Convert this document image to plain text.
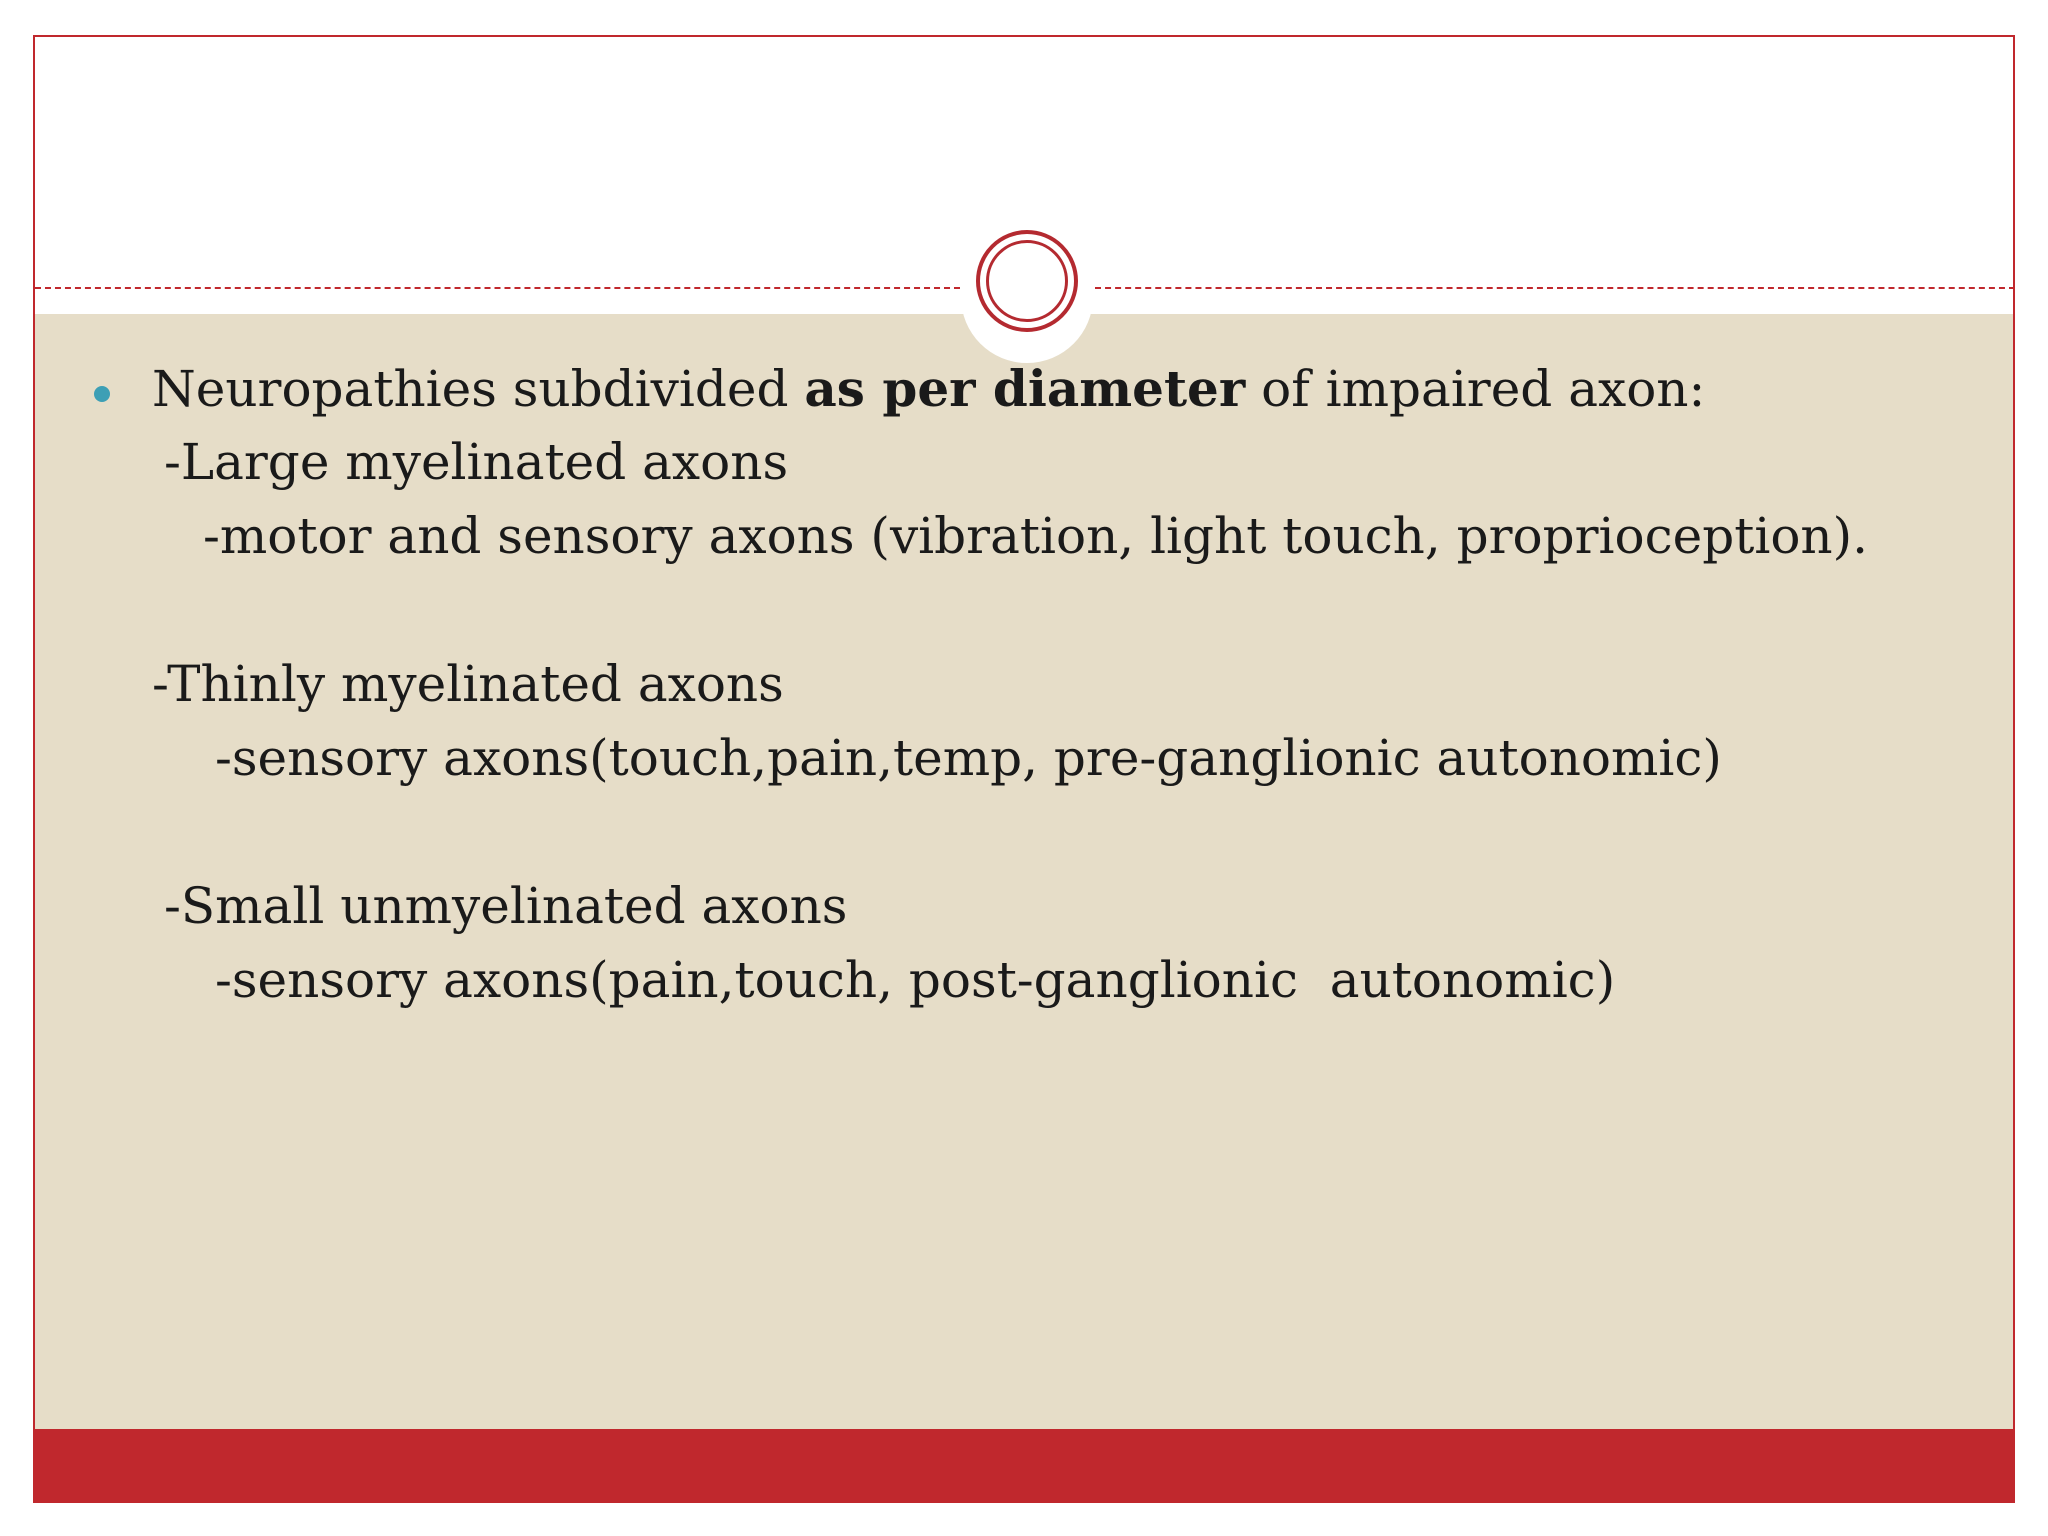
Neuropathies subdivided as per diameter of impaired axon:
-Large myelinated axons
-motor and sensory axons (vibration, light touch, proprioception).
-Thinly myelinated axons
-sensory axons(touch,pain,temp, pre-ganglionic autonomic)
-Small unmyelinated axons
-sensory axons(pain,touch, post-ganglionic  autonomic)
